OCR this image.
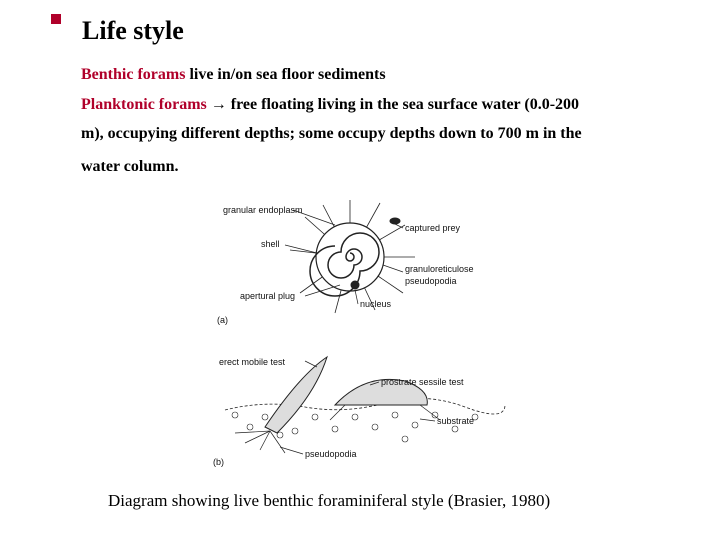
Life style
Benthic forams live in/on sea floor sediments
Planktonic forams → free floating living in the sea surface water (0.0-200
m), occupying different depths; some occupy depths down to 700 m in the
water column.
granular endoplasm
captured prey
shell
granuloreticulose
pseudopodia
apertural plug
nucleus
(a)
erect mobile test
prostrate sessile test
substrate
pseudopodia
(b)
Diagram showing live benthic foraminiferal style (Brasier, 1980)
